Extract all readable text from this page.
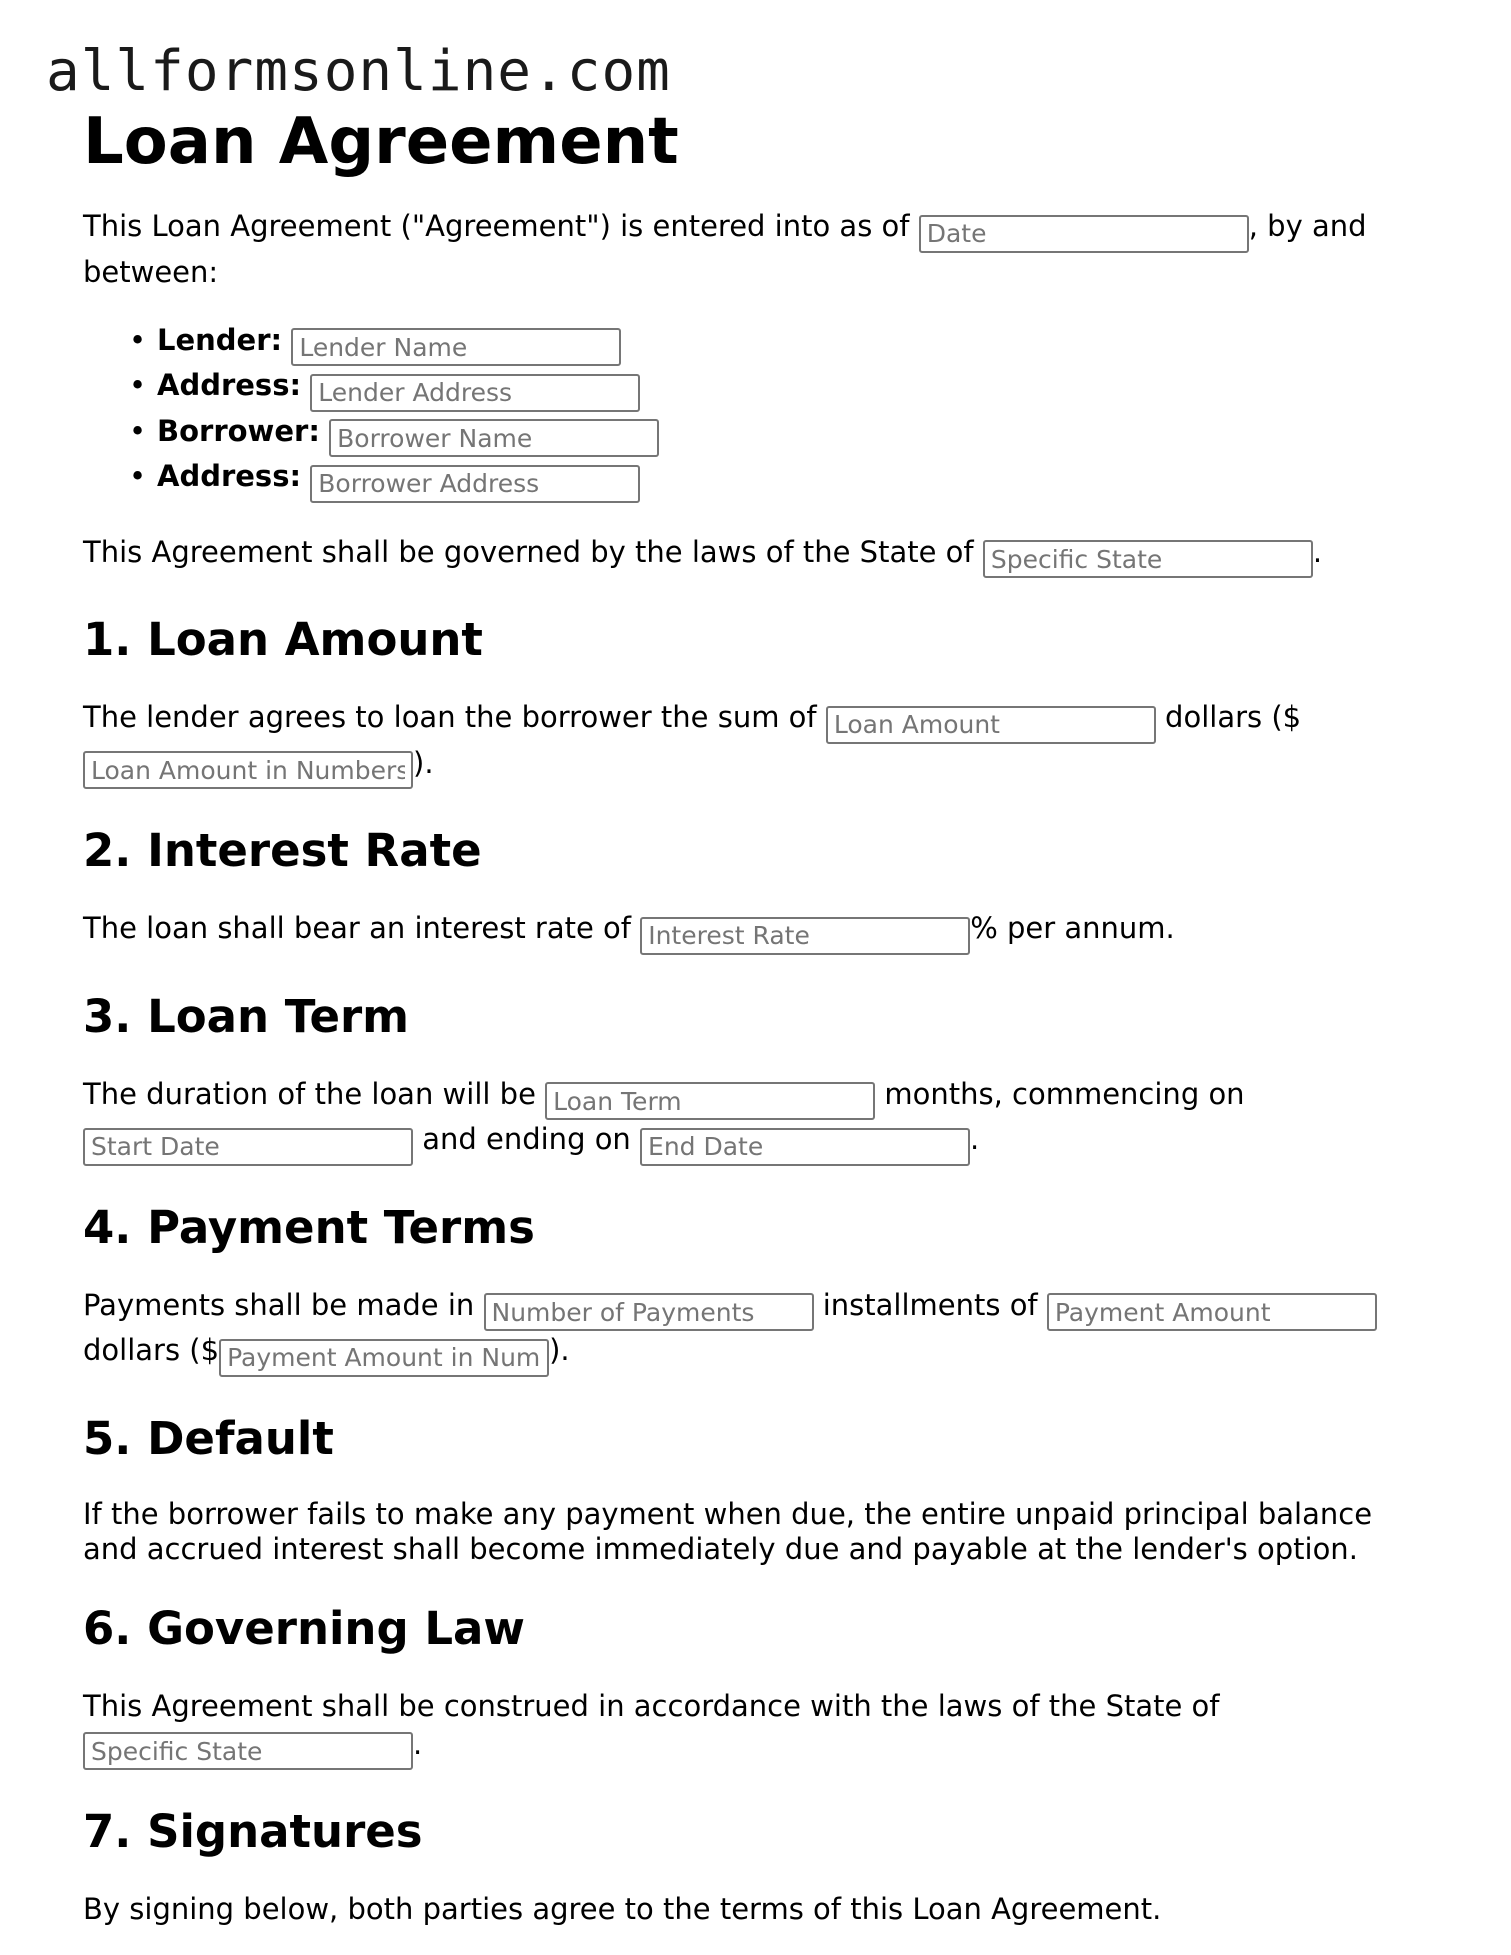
allformsonline.com
Loan Agreement

This Loan Agreement ("Agreement") is entered into as of Date	, by and between:

• Lender: Lender Name
• Address: Lender Address
• Borrower: Borrower Name
• Address: Borrower Address

This Agreement shall be governed by the laws of the State of Specific State	.

1. Loan Amount

The lender agrees to loan the borrower the sum of Loan Amount	dollars ($ Loan Amount in Numbers).

2. Interest Rate

The loan shall bear an interest rate of Interest Rate	% per annum.

3. Loan Term

The duration of the loan will be Loan Term	months, commencing on Start Date and ending on End Date	.

4. Payment Terms

Payments shall be made in Number of Payments	installments of Payment Amount dollars ($Payment Amount in Numbers	).

5. Default

If the borrower fails to make any payment when due, the entire unpaid principal balance and accrued interest shall become immediately due and payable at the lender's option.

6. Governing Law

This Agreement shall be construed in accordance with the laws of the State of Specific State.

7. Signatures

By signing below, both parties agree to the terms of this Loan Agreement.
